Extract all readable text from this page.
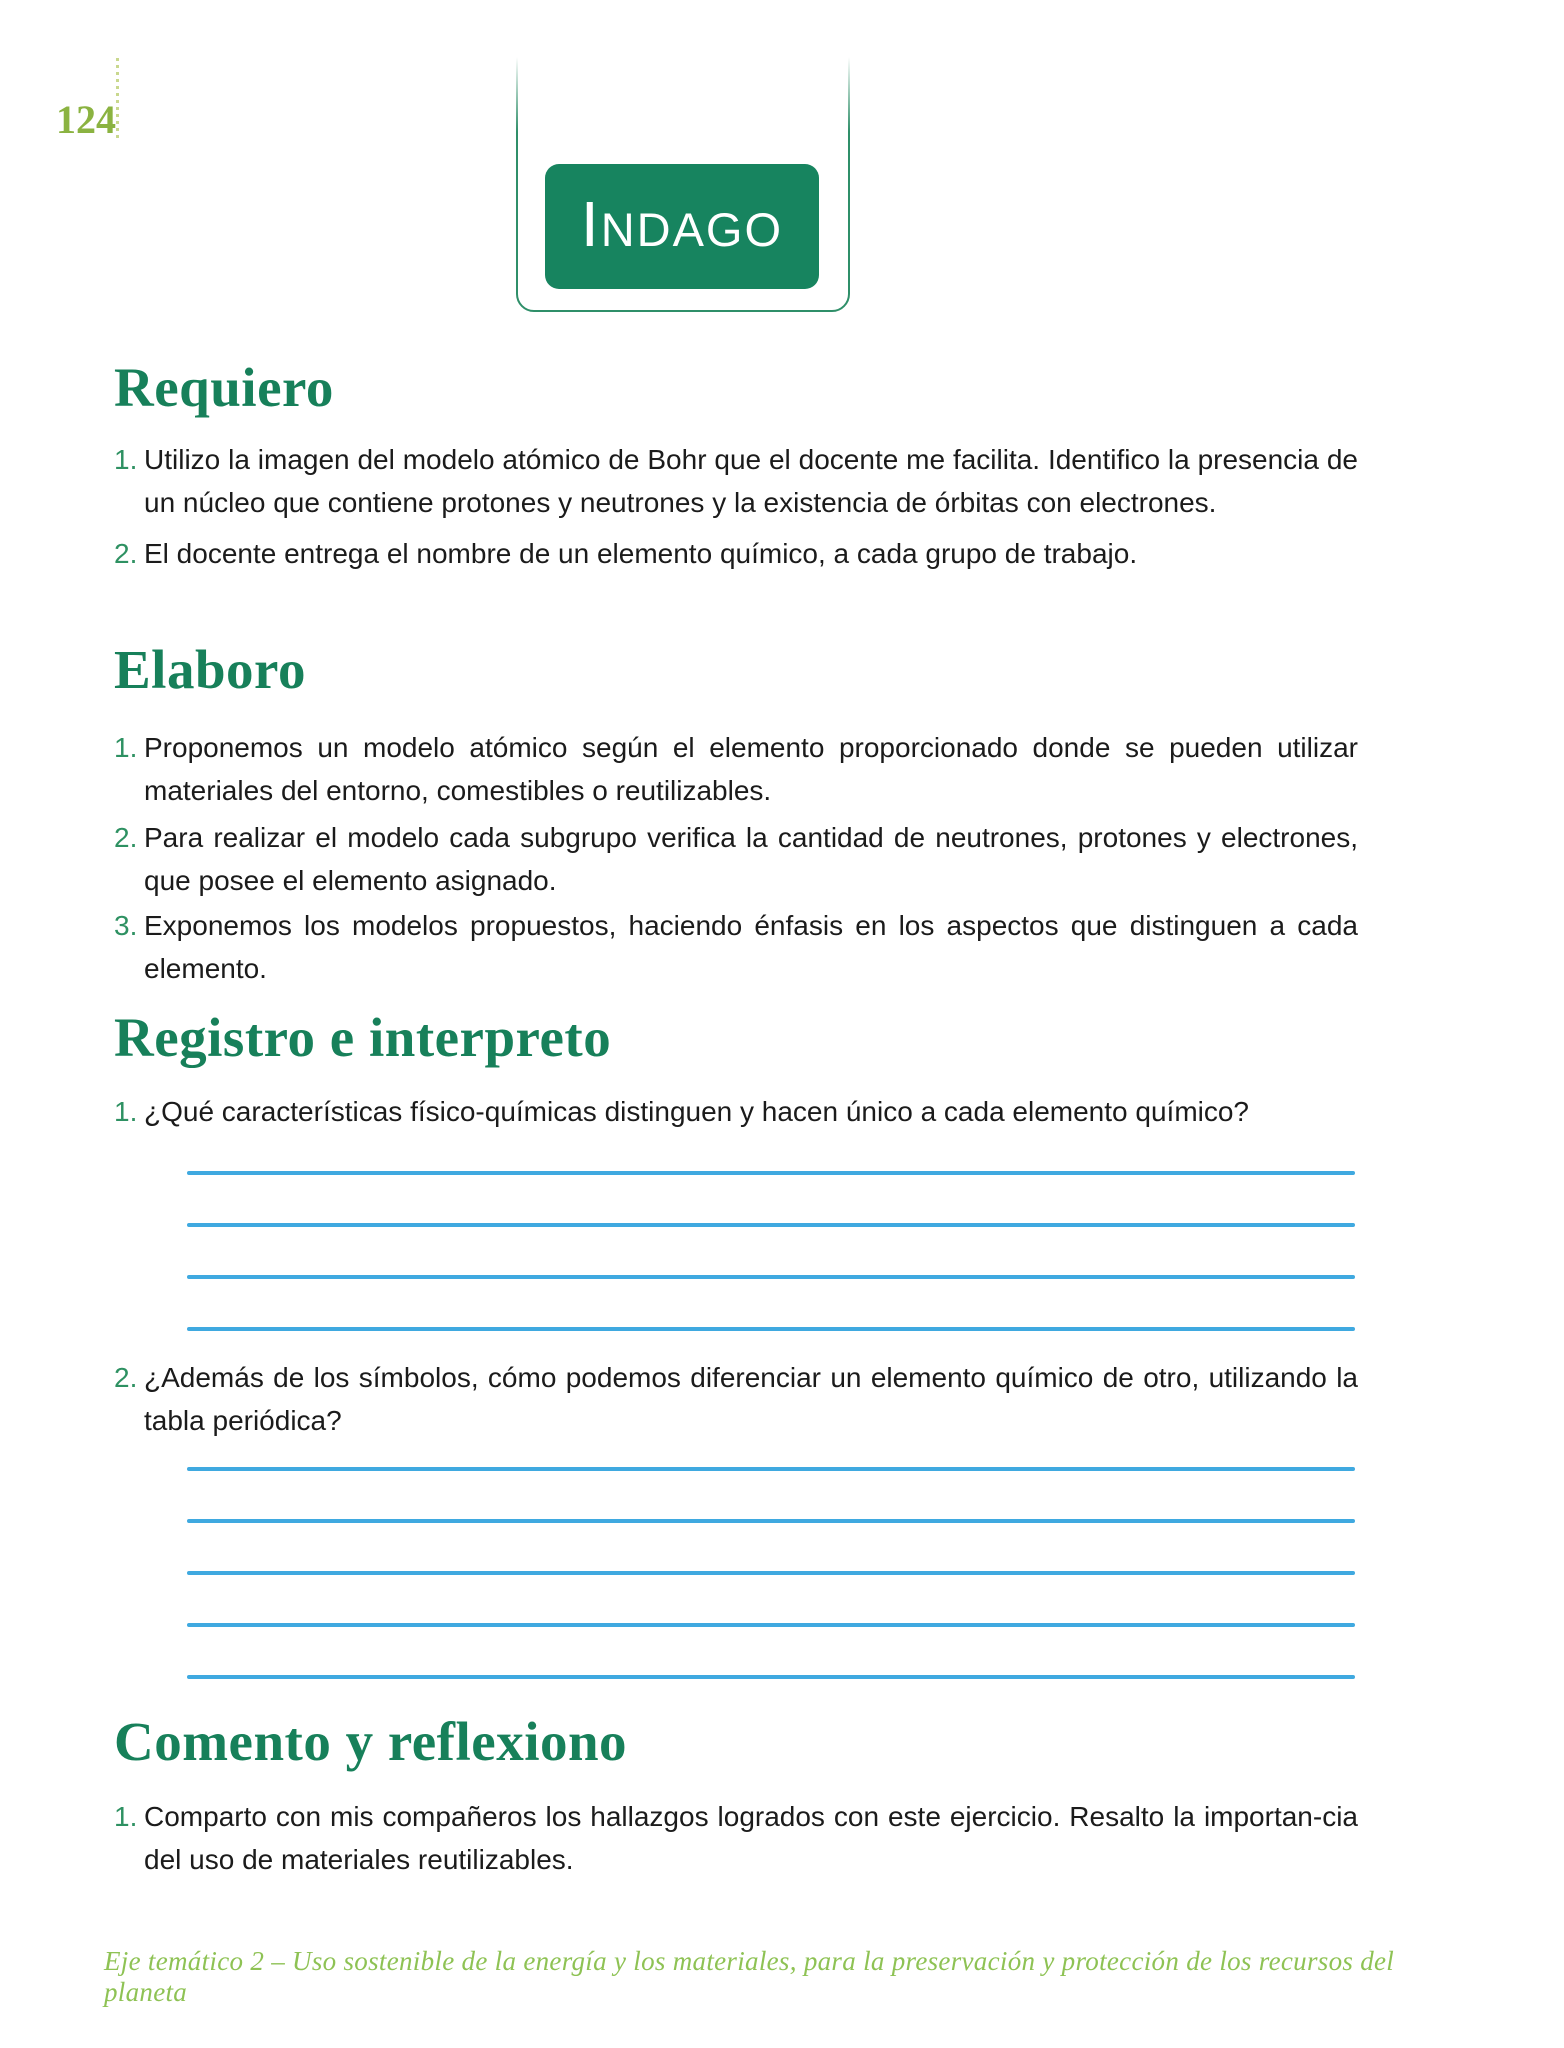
124
INDAGO
Requiero
1. Utilizo la imagen del modelo atómico de Bohr que el docente me facilita. Identifico la presencia de un núcleo que contiene protones y neutrones y la existencia de órbitas con electrones.

2. El docente entrega el nombre de un elemento químico, a cada grupo de trabajo.

Elaboro
1. Proponemos un modelo atómico según el elemento proporcionado donde se pueden utilizar materiales del entorno, comestibles o reutilizables.

2. Para realizar el modelo cada subgrupo verifica la cantidad de neutrones, protones y electrones, que posee el elemento asignado.

3. Exponemos los modelos propuestos, haciendo énfasis en los aspectos que distinguen a cada elemento.

Registro e interpreto
1. ¿Qué características físico-químicas distinguen y hacen único a cada elemento químico?

2. ¿Además de los símbolos, cómo podemos diferenciar un elemento químico de otro, utilizando la tabla periódica?

Comento y reflexiono
1. Comparto con mis compañeros los hallazgos logrados con este ejercicio. Resalto la importan-cia del uso de materiales reutilizables.

Eje temático 2 – Uso sostenible de la energía y los materiales, para la preservación y protección de los recursos del planeta
